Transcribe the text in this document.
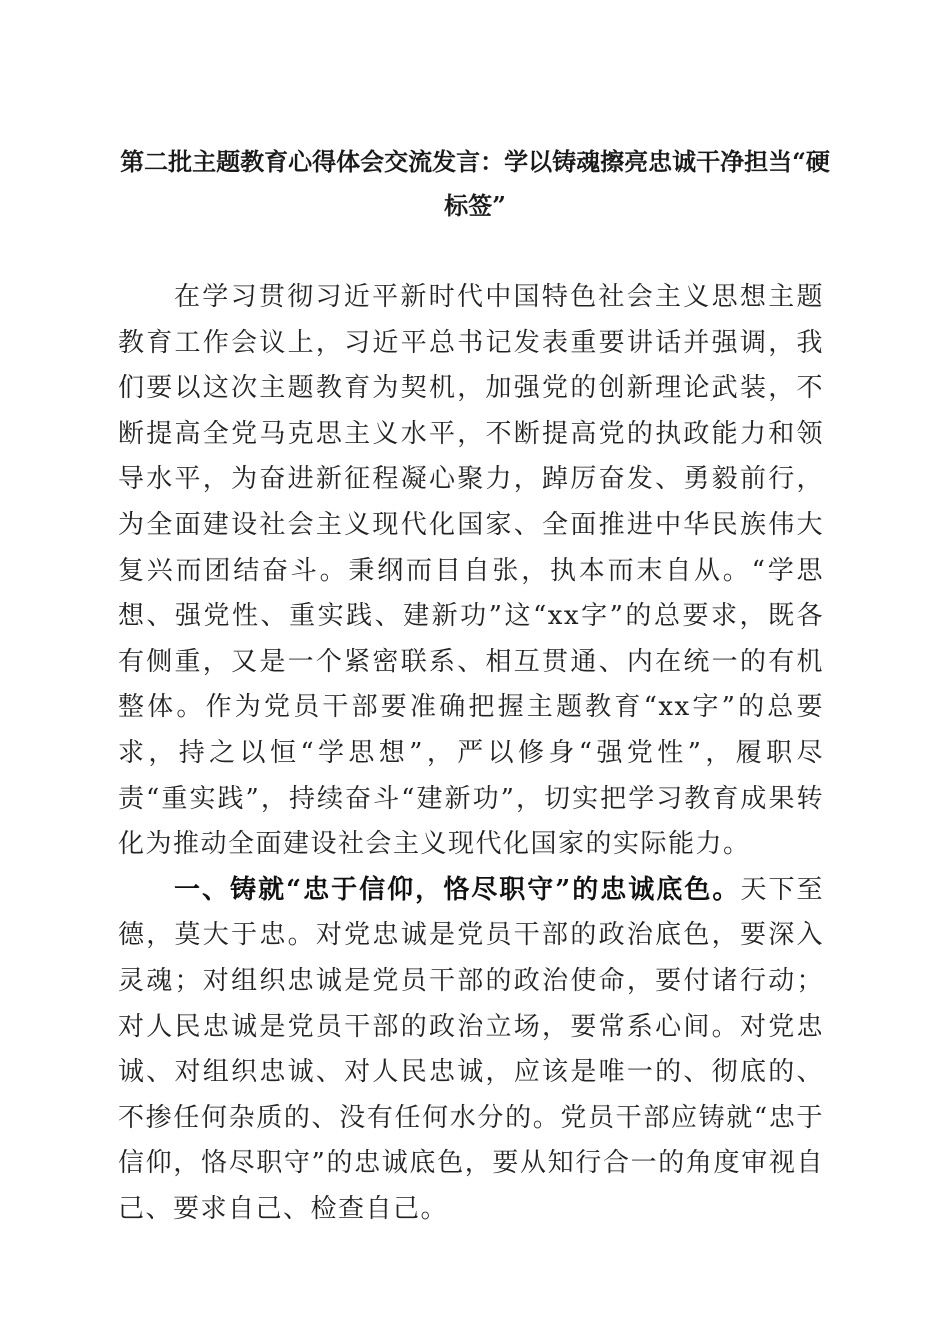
第二批主题教育心得体会交流发言：学以铸魂擦亮忠诚干净担当“硬标签”

在学习贯彻习近平新时代中国特色社会主义思想主题教育工作会议上，习近平总书记发表重要讲话并强调，我们要以这次主题教育为契机，加强党的创新理论武装，不断提高全党马克思主义水平，不断提高党的执政能力和领导水平，为奋进新征程凝心聚力，踔厉奋发、勇毅前行，为全面建设社会主义现代化国家、全面推进中华民族伟大复兴而团结奋斗。秉纲而目自张，执本而末自从。“学思想、强党性、重实践、建新功”这“xx字”的总要求，既各有侧重，又是一个紧密联系、相互贯通、内在统一的有机整体。作为党员干部要准确把握主题教育“xx字”的总要求，持之以恒“学思想”，严以修身“强党性”，履职尽责“重实践”，持续奋斗“建新功”，切实把学习教育成果转化为推动全面建设社会主义现代化国家的实际能力。

一、铸就“忠于信仰，恪尽职守”的忠诚底色。天下至德，莫大于忠。对党忠诚是党员干部的政治底色，要深入灵魂；对组织忠诚是党员干部的政治使命，要付诸行动；对人民忠诚是党员干部的政治立场，要常系心间。对党忠诚、对组织忠诚、对人民忠诚，应该是唯一的、彻底的、不掺任何杂质的、没有任何水分的。党员干部应铸就“忠于信仰，恪尽职守”的忠诚底色，要从知行合一的角度审视自己、要求自己、检查自己。
